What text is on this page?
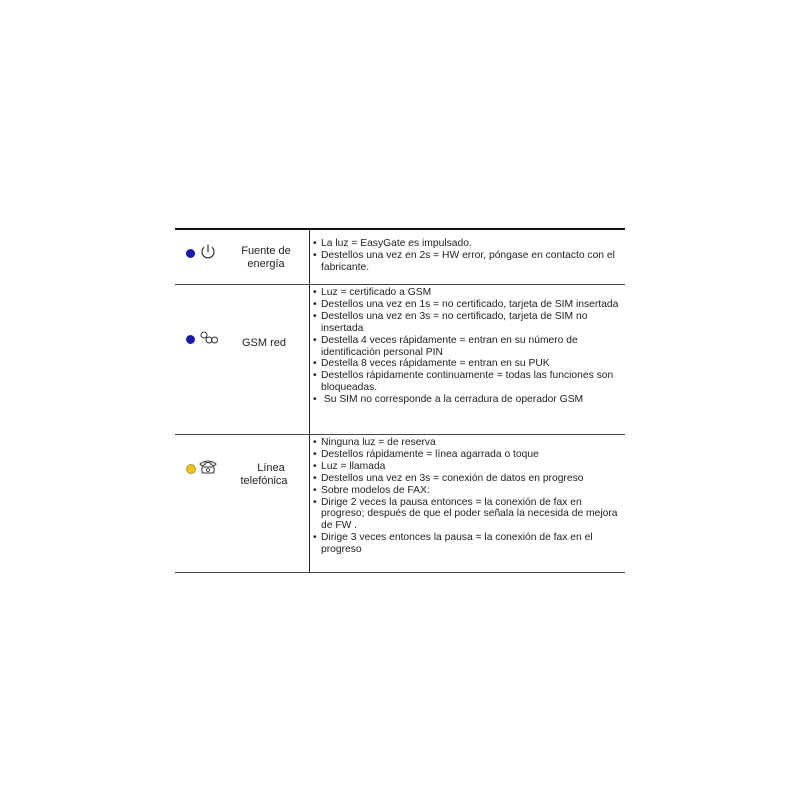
Fuente de
energía
• La luz = EasyGate es impulsado.
• Destellos una vez en 2s = HW error, póngase en contacto con el fabricante.
GSM red
• Luz = certificado a GSM
• Destellos una vez en 1s = no certificado, tarjeta de SIM insertada
• Destellos una vez en 3s = no certificado, tarjeta de SIM no insertada
• Destella 4 veces rápidamente = entran en su número de identificación personal PIN
• Destella 8 veces rápidamente = entran en su PUK
• Destellos rápidamente continuamente = todas las funciones son bloqueadas.
•  Su SIM no corresponde a la cerradura de operador GSM
Línea
telefónica
• Ninguna luz = de reserva
• Destellos rápidamente = línea agarrada o toque
• Luz = llamada
• Destellos una vez en 3s = conexión de datos en progreso
• Sobre modelos de FAX:
• Dirige 2 veces la pausa entonces = la conexión de fax en progreso; después de que el poder señala la necesida de mejora de FW .
• Dirige 3 veces entonces la pausa = la conexión de fax en el progreso
